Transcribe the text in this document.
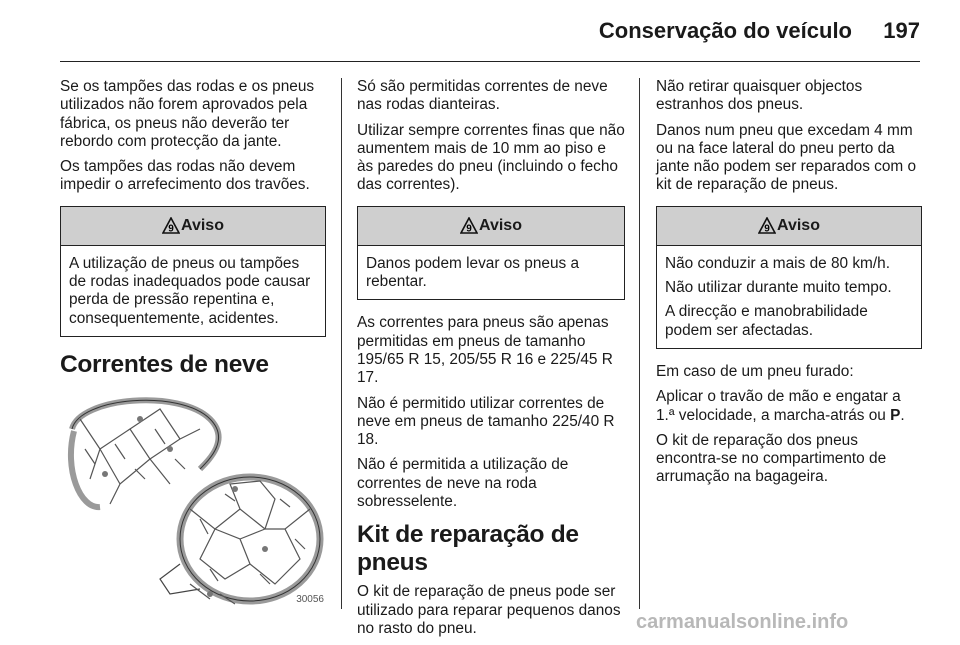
Conservação do veículo 197

Se os tampões das rodas e os pneus utilizados não forem aprovados pela fábrica, os pneus não deverão ter rebordo com protecção da jante.

Os tampões das rodas não devem impedir o arrefecimento dos travões.

9 Aviso

A utilização de pneus ou tampões de rodas inadequados pode causar perda de pressão repentina e, consequentemente, acidentes.

Correntes de neve
30056

Só são permitidas correntes de neve nas rodas dianteiras.

Utilizar sempre correntes finas que não aumentem mais de 10 mm ao piso e às paredes do pneu (incluindo o fecho das correntes).

9 Aviso

Danos podem levar os pneus a rebentar.

As correntes para pneus são apenas permitidas em pneus de tamanho 195/65 R 15, 205/55 R 16 e 225/45 R 17.

Não é permitido utilizar correntes de neve em pneus de tamanho 225/40 R 18.

Não é permitida a utilização de correntes de neve na roda sobresselente.

Kit de reparação de pneus

O kit de reparação de pneus pode ser utilizado para reparar pequenos danos no rasto do pneu.

Não retirar quaisquer objectos estranhos dos pneus.

Danos num pneu que excedam 4 mm ou na face lateral do pneu perto da jante não podem ser reparados com o kit de reparação de pneus.

9 Aviso

Não conduzir a mais de 80 km/h.

Não utilizar durante muito tempo.

A direcção e manobrabilidade podem ser afectadas.

Em caso de um pneu furado:

Aplicar o travão de mão e engatar a 1.ª velocidade, a marcha-atrás ou P.

O kit de reparação dos pneus encontra-se no compartimento de arrumação na bagageira.

carmanualsonline.info
